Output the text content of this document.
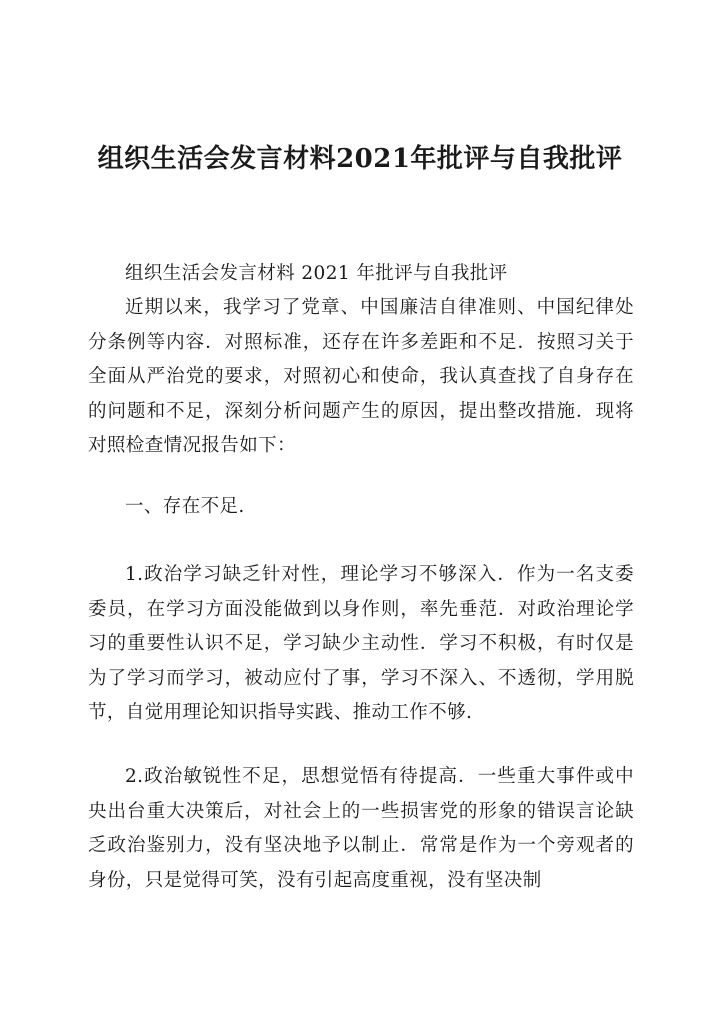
组织生活会发言材料2021年批评与自我批评

组织生活会发言材料 2021 年批评与自我批评

近期以来，我学习了党章、中国廉洁自律准则、中国纪律处分条例等内容．对照标准，还存在许多差距和不足．按照习关于全面从严治党的要求，对照初心和使命，我认真查找了自身存在的问题和不足，深刻分析问题产生的原因，提出整改措施．现将对照检查情况报告如下：

一、存在不足.

1.政治学习缺乏针对性，理论学习不够深入．作为一名支委委员，在学习方面没能做到以身作则，率先垂范．对政治理论学习的重要性认识不足，学习缺少主动性．学习不积极，有时仅是为了学习而学习，被动应付了事，学习不深入、不透彻，学用脱节，自觉用理论知识指导实践、推动工作不够.

2.政治敏锐性不足，思想觉悟有待提高．一些重大事件或中央出台重大决策后，对社会上的一些损害党的形象的错误言论缺乏政治鉴别力，没有坚决地予以制止．常常是作为一个旁观者的身份，只是觉得可笑，没有引起高度重视，没有坚决制
